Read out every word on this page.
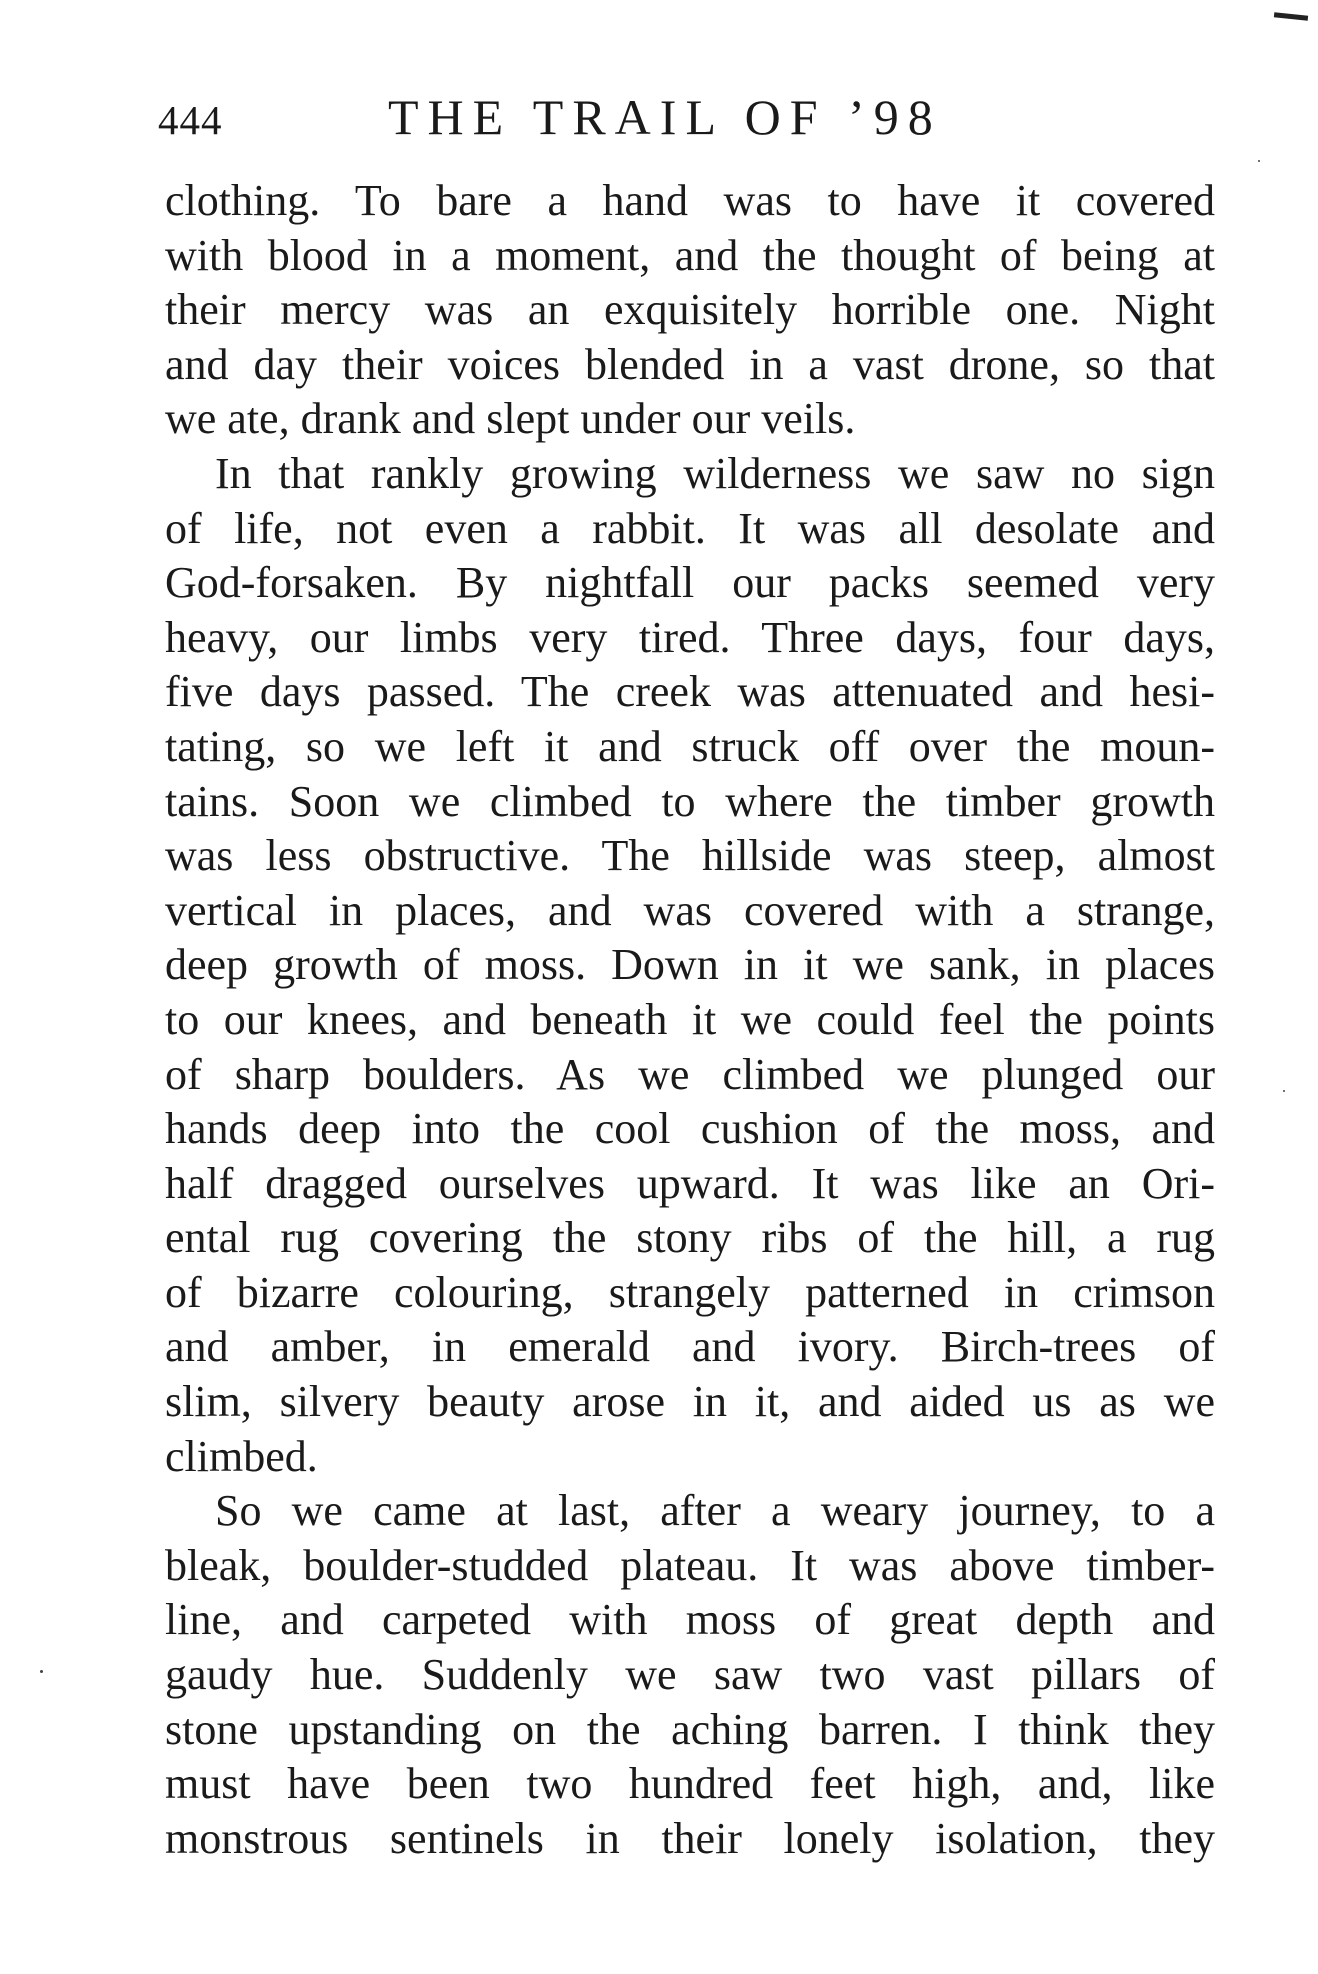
444	THE TRAIL OF ’98
clothing. To bare a hand was to have it covered
with blood in a moment, and the thought of being at
their mercy was an exquisitely horrible one. Night
and day their voices blended in a vast drone, so that
we ate, drank and slept under our veils.
In that rankly growing wilderness we saw no sign
of life, not even a rabbit. It was all desolate and
God-forsaken. By nightfall our packs seemed very
heavy, our limbs very tired. Three days, four days,
five days passed. The creek was attenuated and hesi-
tating, so we left it and struck off over the moun-
tains. Soon we climbed to where the timber growth
was less obstructive. The hillside was steep, almost
vertical in places, and was covered with a strange,
deep growth of moss. Down in it we sank, in places
to our knees, and beneath it we could feel the points
of sharp boulders. As we climbed we plunged our
hands deep into the cool cushion of the moss, and
half dragged ourselves upward. It was like an Ori-
ental rug covering the stony ribs of the hill, a rug
of bizarre colouring, strangely patterned in crimson
and amber, in emerald and ivory. Birch-trees of
slim, silvery beauty arose in it, and aided us as we
climbed.
So we came at last, after a weary journey, to a
bleak, boulder-studded plateau. It was above timber-
line, and carpeted with moss of great depth and
gaudy hue. Suddenly we saw two vast pillars of
stone upstanding on the aching barren. I think they
must have been two hundred feet high, and, like
monstrous sentinels in their lonely isolation, they
